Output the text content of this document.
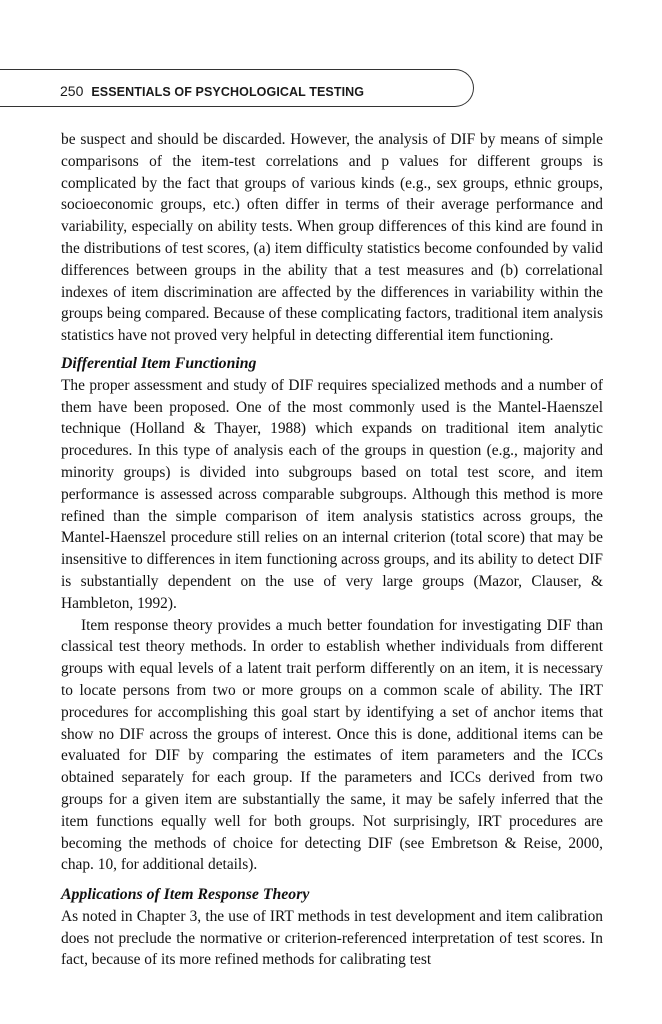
250 ESSENTIALS OF PSYCHOLOGICAL TESTING

be suspect and should be discarded. However, the analysis of DIF by means of simple comparisons of the item-test correlations and p values for different groups is complicated by the fact that groups of various kinds (e.g., sex groups, ethnic groups, socioeconomic groups, etc.) often differ in terms of their average performance and variability, especially on ability tests. When group differences of this kind are found in the distributions of test scores, (a) item difficulty statistics become confounded by valid differences between groups in the ability that a test measures and (b) correlational indexes of item discrimination are affected by the differences in variability within the groups being compared. Because of these complicating factors, traditional item analysis statistics have not proved very helpful in detecting differential item functioning.

Differential Item Functioning

The proper assessment and study of DIF requires specialized methods and a number of them have been proposed. One of the most commonly used is the Mantel-Haenszel technique (Holland & Thayer, 1988) which expands on traditional item analytic procedures. In this type of analysis each of the groups in question (e.g., majority and minority groups) is divided into subgroups based on total test score, and item performance is assessed across comparable subgroups. Although this method is more refined than the simple comparison of item analysis statistics across groups, the Mantel-Haenszel procedure still relies on an internal criterion (total score) that may be insensitive to differences in item functioning across groups, and its ability to detect DIF is substantially dependent on the use of very large groups (Mazor, Clauser, & Hambleton, 1992).

Item response theory provides a much better foundation for investigating DIF than classical test theory methods. In order to establish whether individuals from different groups with equal levels of a latent trait perform differently on an item, it is necessary to locate persons from two or more groups on a common scale of ability. The IRT procedures for accomplishing this goal start by identifying a set of anchor items that show no DIF across the groups of interest. Once this is done, additional items can be evaluated for DIF by comparing the estimates of item parameters and the ICCs obtained separately for each group. If the parameters and ICCs derived from two groups for a given item are substantially the same, it may be safely inferred that the item functions equally well for both groups. Not surprisingly, IRT procedures are becoming the methods of choice for detecting DIF (see Embretson & Reise, 2000, chap. 10, for additional details).

Applications of Item Response Theory

As noted in Chapter 3, the use of IRT methods in test development and item calibration does not preclude the normative or criterion-referenced interpretation of test scores. In fact, because of its more refined methods for calibrating test
